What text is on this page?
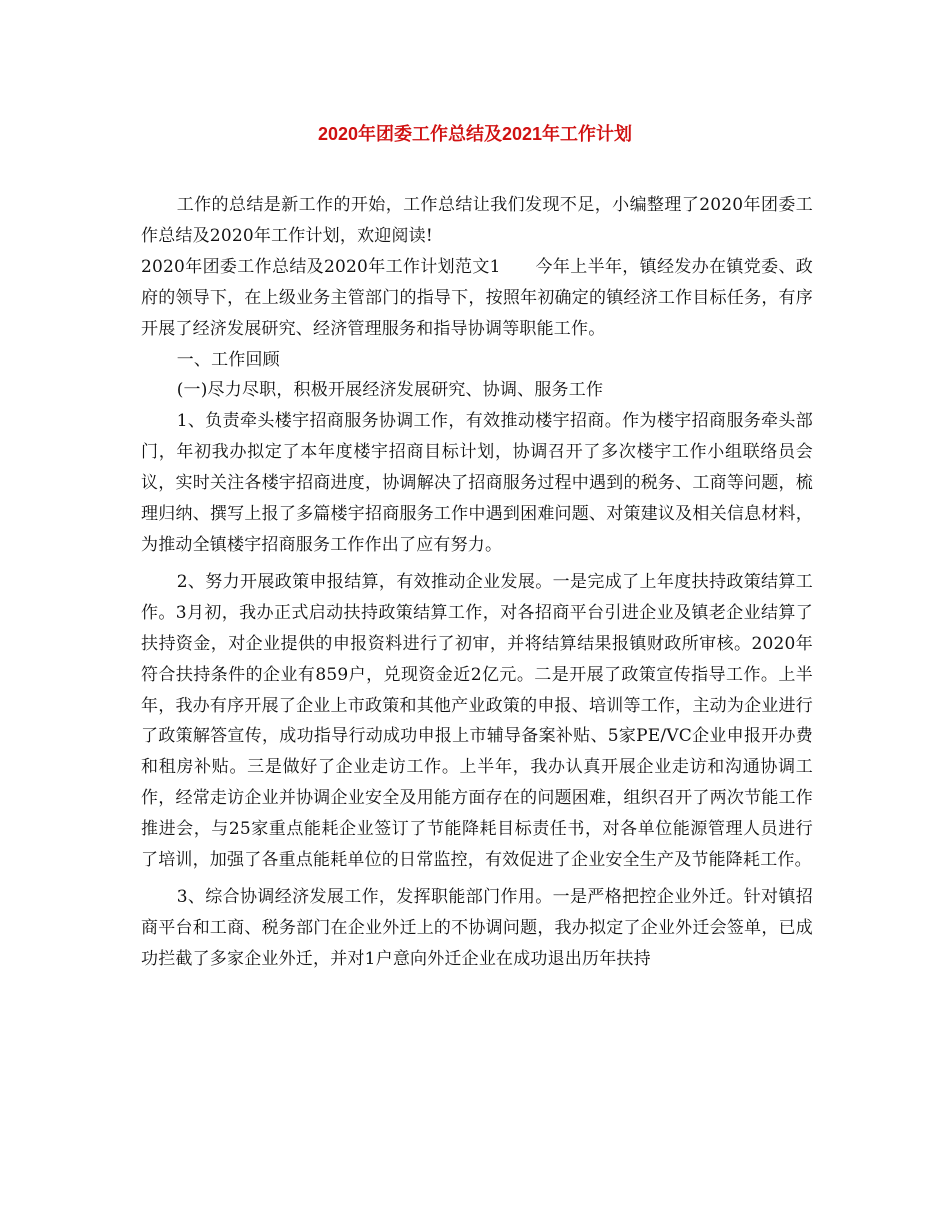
2020年团委工作总结及2021年工作计划

工作的总结是新工作的开始，工作总结让我们发现不足，小编整理了2020年团委工作总结及2020年工作计划，欢迎阅读!

2020年团委工作总结及2020年工作计划范文1　　今年上半年，镇经发办在镇党委、政府的领导下，在上级业务主管部门的指导下，按照年初确定的镇经济工作目标任务，有序开展了经济发展研究、经济管理服务和指导协调等职能工作。

一、工作回顾

(一)尽力尽职，积极开展经济发展研究、协调、服务工作

1、负责牵头楼宇招商服务协调工作，有效推动楼宇招商。作为楼宇招商服务牵头部门，年初我办拟定了本年度楼宇招商目标计划，协调召开了多次楼宇工作小组联络员会议，实时关注各楼宇招商进度，协调解决了招商服务过程中遇到的税务、工商等问题，梳理归纳、撰写上报了多篇楼宇招商服务工作中遇到困难问题、对策建议及相关信息材料，为推动全镇楼宇招商服务工作作出了应有努力。

2、努力开展政策申报结算，有效推动企业发展。一是完成了上年度扶持政策结算工作。3月初，我办正式启动扶持政策结算工作，对各招商平台引进企业及镇老企业结算了扶持资金，对企业提供的申报资料进行了初审，并将结算结果报镇财政所审核。2020年符合扶持条件的企业有859户，兑现资金近2亿元。二是开展了政策宣传指导工作。上半年，我办有序开展了企业上市政策和其他产业政策的申报、培训等工作，主动为企业进行了政策解答宣传，成功指导行动成功申报上市辅导备案补贴、5家PE/VC企业申报开办费和租房补贴。三是做好了企业走访工作。上半年，我办认真开展企业走访和沟通协调工作，经常走访企业并协调企业安全及用能方面存在的问题困难，组织召开了两次节能工作推进会，与25家重点能耗企业签订了节能降耗目标责任书，对各单位能源管理人员进行了培训，加强了各重点能耗单位的日常监控，有效促进了企业安全生产及节能降耗工作。

3、综合协调经济发展工作，发挥职能部门作用。一是严格把控企业外迁。针对镇招商平台和工商、税务部门在企业外迁上的不协调问题，我办拟定了企业外迁会签单，已成功拦截了多家企业外迁，并对1户意向外迁企业在成功退出历年扶持
